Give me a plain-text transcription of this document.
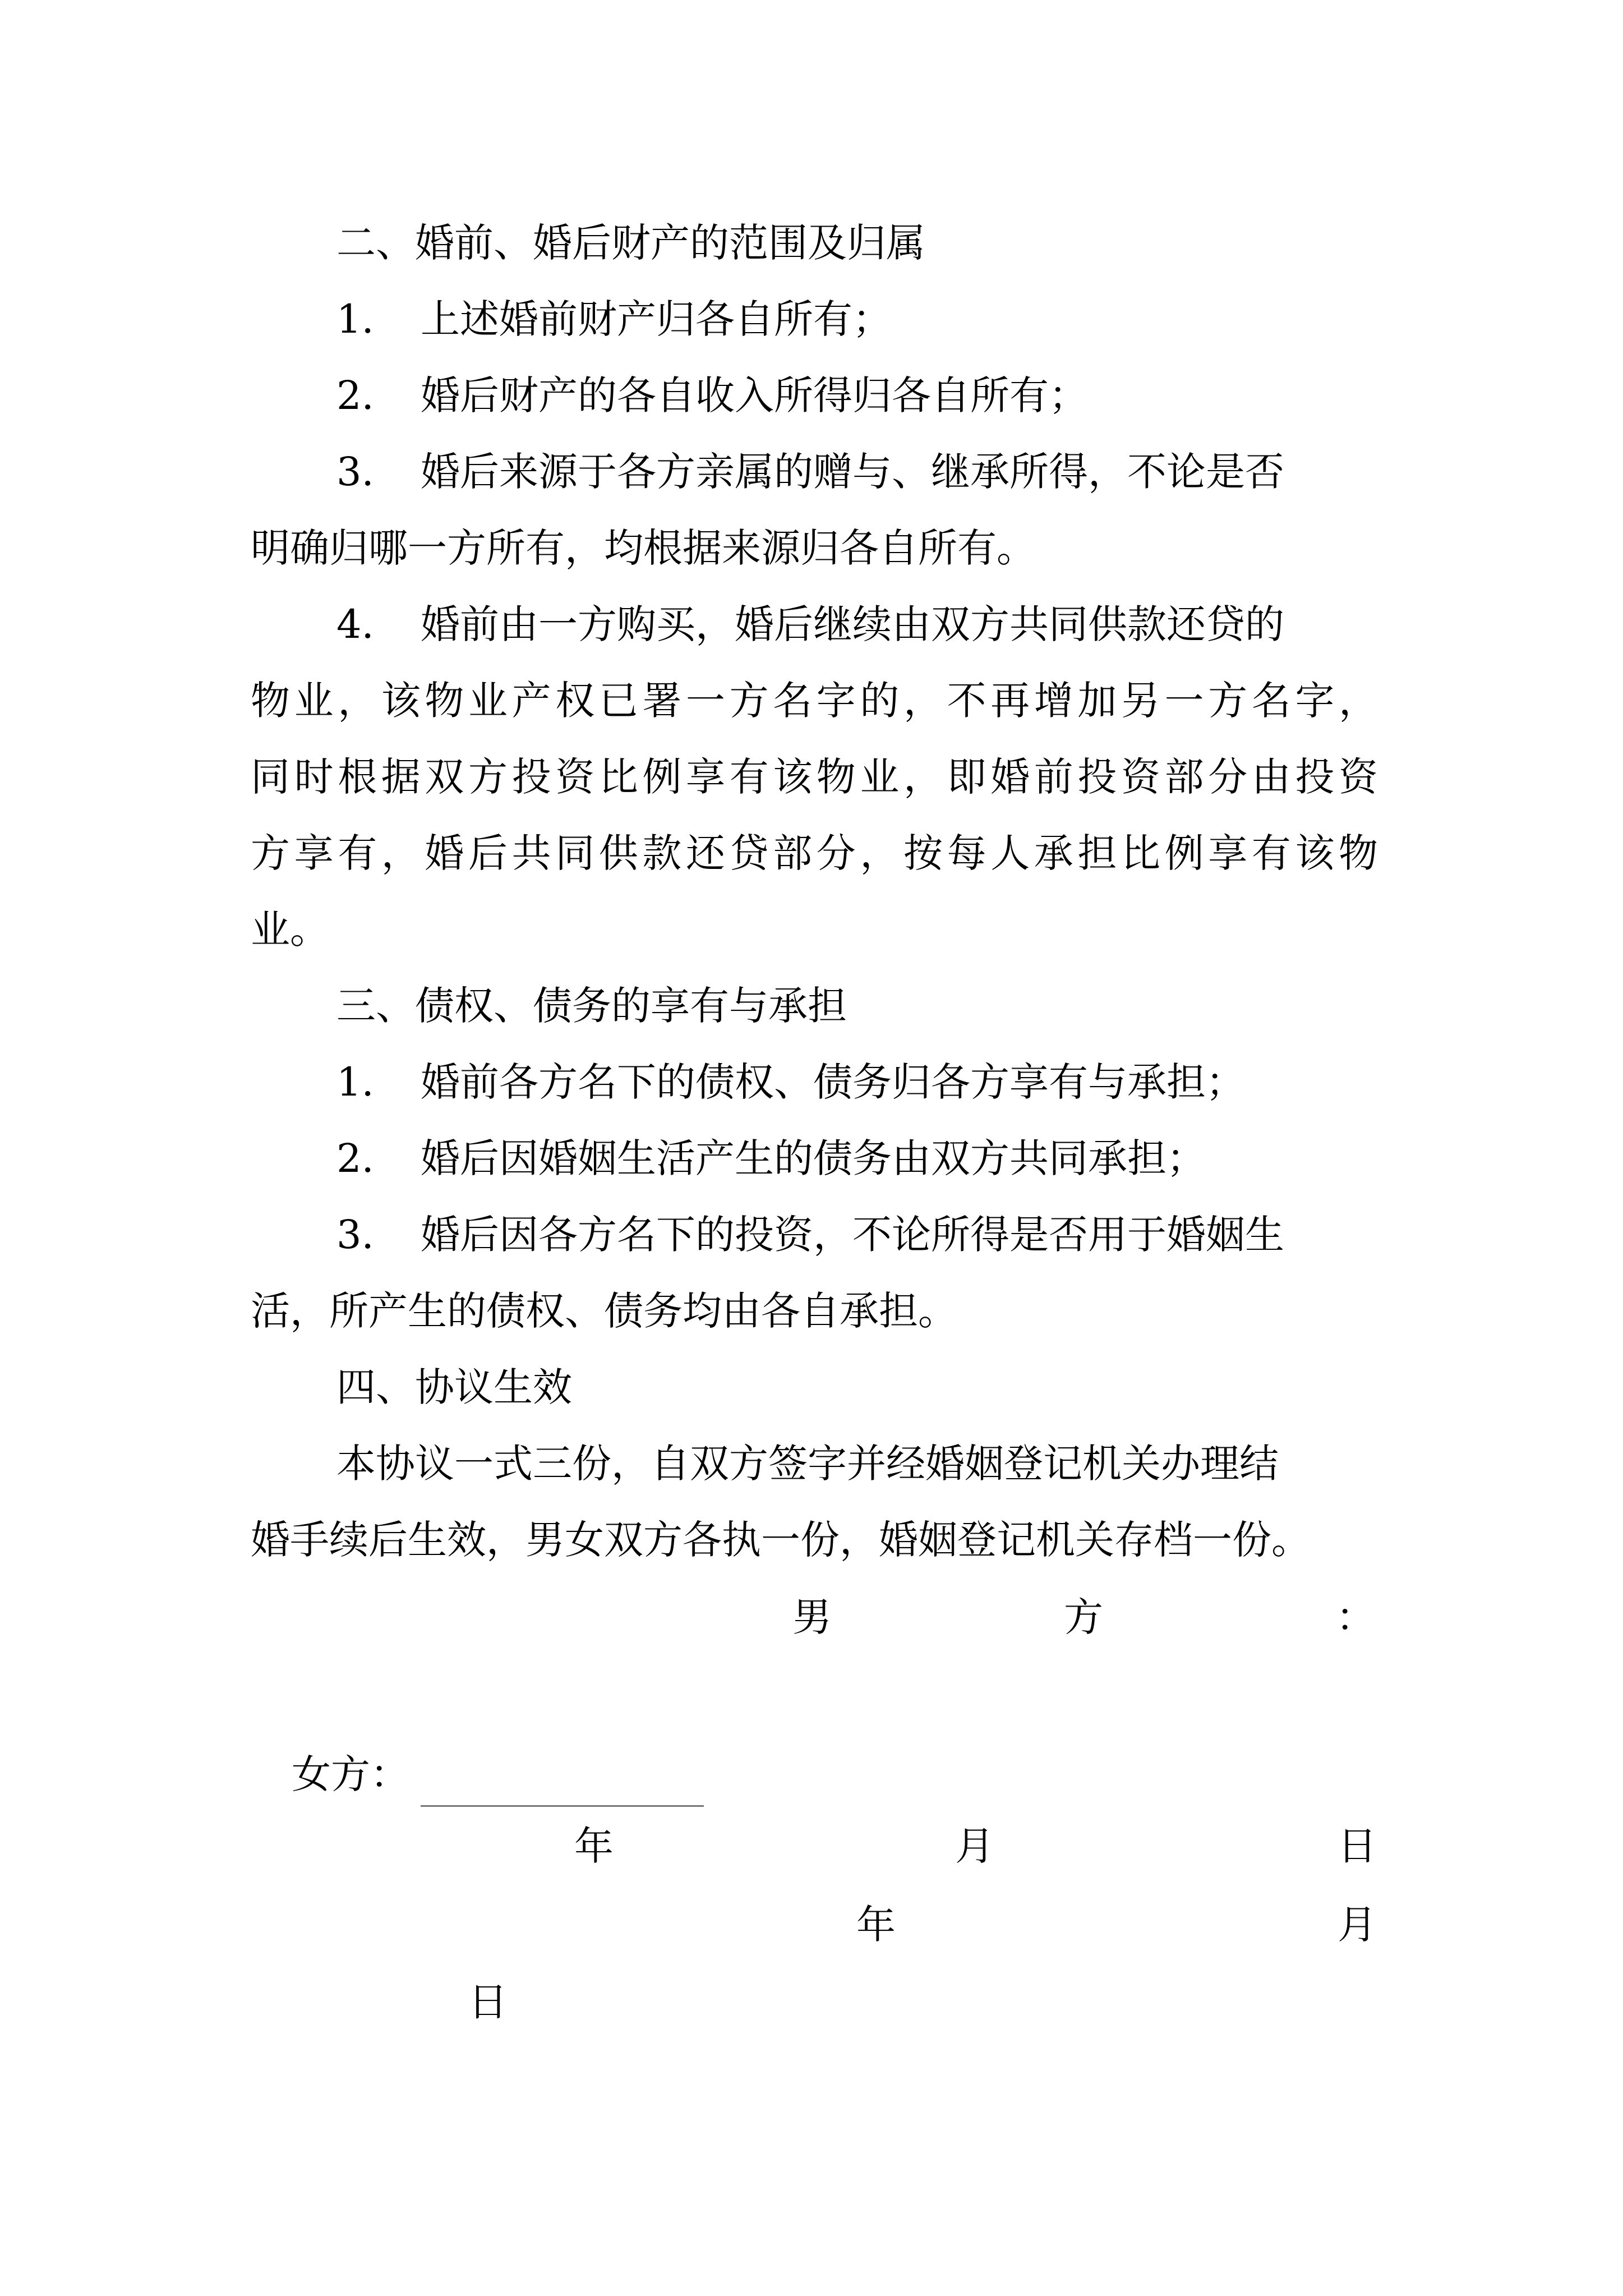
二、婚前、婚后财产的范围及归属
1. 上述婚前财产归各自所有；
2. 婚后财产的各自收入所得归各自所有；
3. 婚后来源于各方亲属的赠与、继承所得，不论是否
明确归哪一方所有，均根据来源归各自所有。
4. 婚前由一方购买，婚后继续由双方共同供款还贷的
物业，该物业产权已署一方名字的，不再增加另一方名字，
同时根据双方投资比例享有该物业，即婚前投资部分由投资
方享有，婚后共同供款还贷部分，按每人承担比例享有该物
业。
三、债权、债务的享有与承担
1. 婚前各方名下的债权、债务归各方享有与承担；
2. 婚后因婚姻生活产生的债务由双方共同承担；
3. 婚后因各方名下的投资，不论所得是否用于婚姻生
活，所产生的债权、债务均由各自承担。
四、协议生效
本协议一式三份，自双方签字并经婚姻登记机关办理结
婚手续后生效，男女双方各执一份，婚姻登记机关存档一份。
男	方	：
女方：
年	月	日
年	月
日
